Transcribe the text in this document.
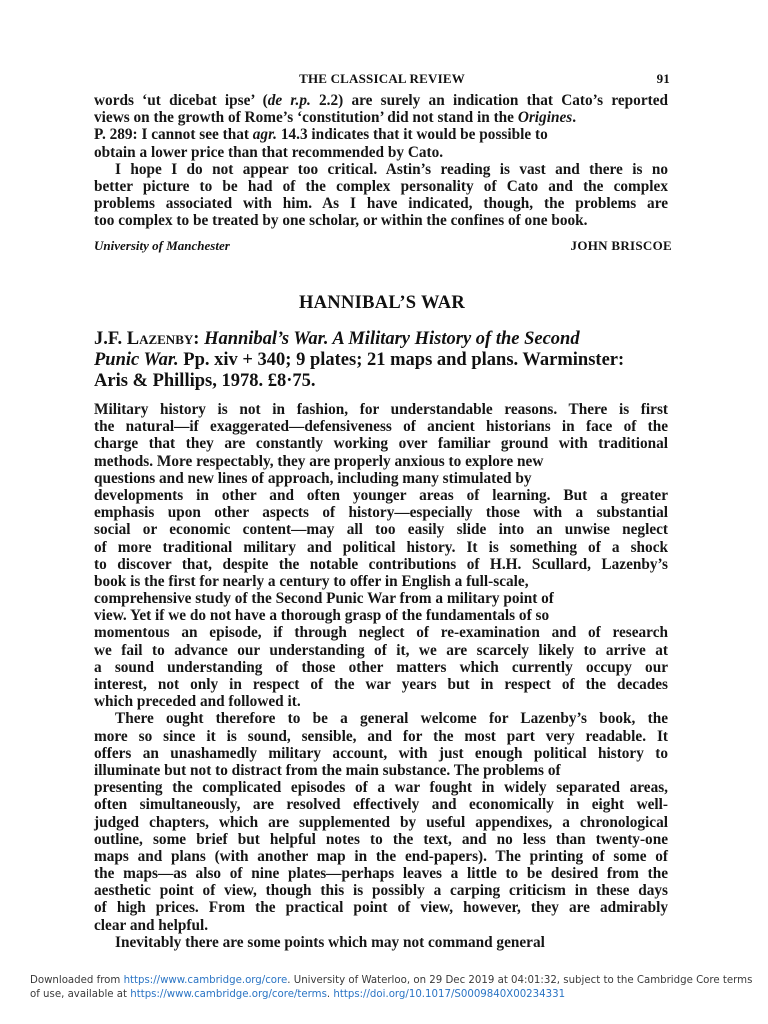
THE CLASSICAL REVIEW	91
words ‘ut dicebat ipse’ (de r.p. 2.2) are surely an indication that Cato’s reported
views on the growth of Rome’s ‘constitution’ did not stand in the Origines.
P. 289: I cannot see that agr. 14.3 indicates that it would be possible to
obtain a lower price than that recommended by Cato.
I hope I do not appear too critical. Astin’s reading is vast and there is no
better picture to be had of the complex personality of Cato and the complex
problems associated with him. As I have indicated, though, the problems are
too complex to be treated by one scholar, or within the confines of one book.
University of Manchester	JOHN BRISCOE
HANNIBAL’S WAR
J.F. Lazenby: Hannibal’s War. A Military History of the Second
Punic War. Pp. xiv + 340; 9 plates; 21 maps and plans. Warminster:
Aris & Phillips, 1978. £8·75.
Military history is not in fashion, for understandable reasons. There is first
the natural—if exaggerated—defensiveness of ancient historians in face of the
charge that they are constantly working over familiar ground with traditional
methods. More respectably, they are properly anxious to explore new
questions and new lines of approach, including many stimulated by
developments in other and often younger areas of learning. But a greater
emphasis upon other aspects of history—especially those with a substantial
social or economic content—may all too easily slide into an unwise neglect
of more traditional military and political history. It is something of a shock
to discover that, despite the notable contributions of H.H. Scullard, Lazenby’s
book is the first for nearly a century to offer in English a full-scale,
comprehensive study of the Second Punic War from a military point of
view. Yet if we do not have a thorough grasp of the fundamentals of so
momentous an episode, if through neglect of re-examination and of research
we fail to advance our understanding of it, we are scarcely likely to arrive at
a sound understanding of those other matters which currently occupy our
interest, not only in respect of the war years but in respect of the decades
which preceded and followed it.
There ought therefore to be a general welcome for Lazenby’s book, the
more so since it is sound, sensible, and for the most part very readable. It
offers an unashamedly military account, with just enough political history to
illuminate but not to distract from the main substance. The problems of
presenting the complicated episodes of a war fought in widely separated areas,
often simultaneously, are resolved effectively and economically in eight well-
judged chapters, which are supplemented by useful appendixes, a chronological
outline, some brief but helpful notes to the text, and no less than twenty-one
maps and plans (with another map in the end-papers). The printing of some of
the maps—as also of nine plates—perhaps leaves a little to be desired from the
aesthetic point of view, though this is possibly a carping criticism in these days
of high prices. From the practical point of view, however, they are admirably
clear and helpful.
Inevitably there are some points which may not command general
Downloaded from https://www.cambridge.org/core. University of Waterloo, on 29 Dec 2019 at 04:01:32, subject to the Cambridge Core terms of use, available at https://www.cambridge.org/core/terms. https://doi.org/10.1017/S0009840X00234331
